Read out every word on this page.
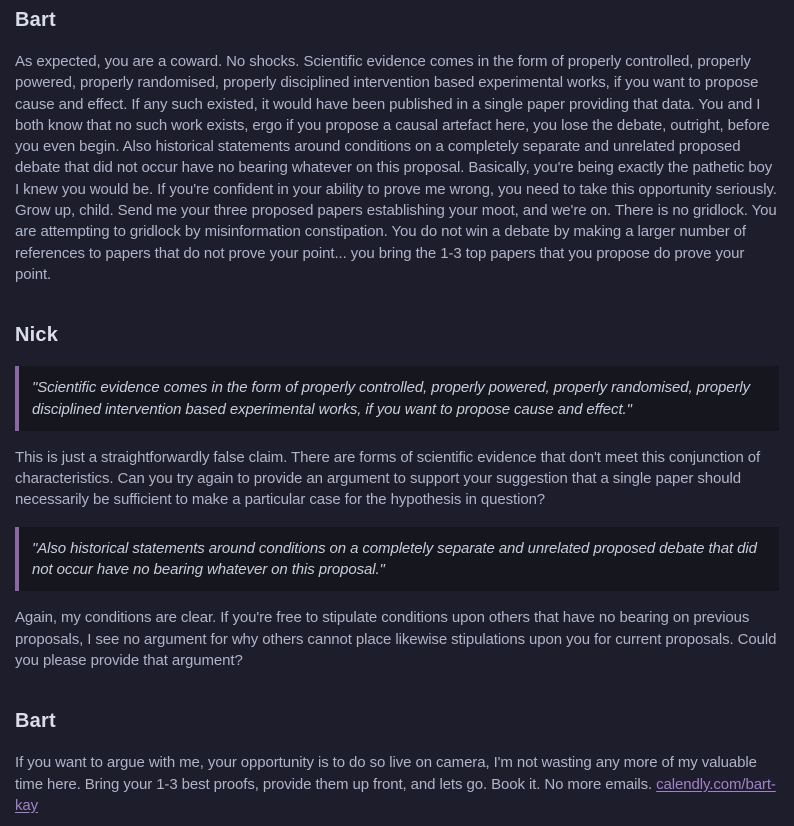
Bart

As expected, you are a coward. No shocks. Scientific evidence comes in the form of properly controlled, properly powered, properly randomised, properly disciplined intervention based experimental works, if you want to propose cause and effect. If any such existed, it would have been published in a single paper providing that data. You and I both know that no such work exists, ergo if you propose a causal artefact here, you lose the debate, outright, before you even begin. Also historical statements around conditions on a completely separate and unrelated proposed debate that did not occur have no bearing whatever on this proposal. Basically, you're being exactly the pathetic boy I knew you would be. If you're confident in your ability to prove me wrong, you need to take this opportunity seriously. Grow up, child. Send me your three proposed papers establishing your moot, and we're on. There is no gridlock. You are attempting to gridlock by misinformation constipation. You do not win a debate by making a larger number of references to papers that do not prove your point... you bring the 1-3 top papers that you propose do prove your point.

Nick
"Scientific evidence comes in the form of properly controlled, properly powered, properly randomised, properly disciplined intervention based experimental works, if you want to propose cause and effect."

This is just a straightforwardly false claim. There are forms of scientific evidence that don't meet this conjunction of characteristics. Can you try again to provide an argument to support your suggestion that a single paper should necessarily be sufficient to make a particular case for the hypothesis in question?

"Also historical statements around conditions on a completely separate and unrelated proposed debate that did not occur have no bearing whatever on this proposal."

Again, my conditions are clear. If you're free to stipulate conditions upon others that have no bearing on previous proposals, I see no argument for why others cannot place likewise stipulations upon you for current proposals. Could you please provide that argument?

Bart

If you want to argue with me, your opportunity is to do so live on camera, I'm not wasting any more of my valuable time here. Bring your 1-3 best proofs, provide them up front, and lets go. Book it. No more emails. calendly.com/bart-kay
